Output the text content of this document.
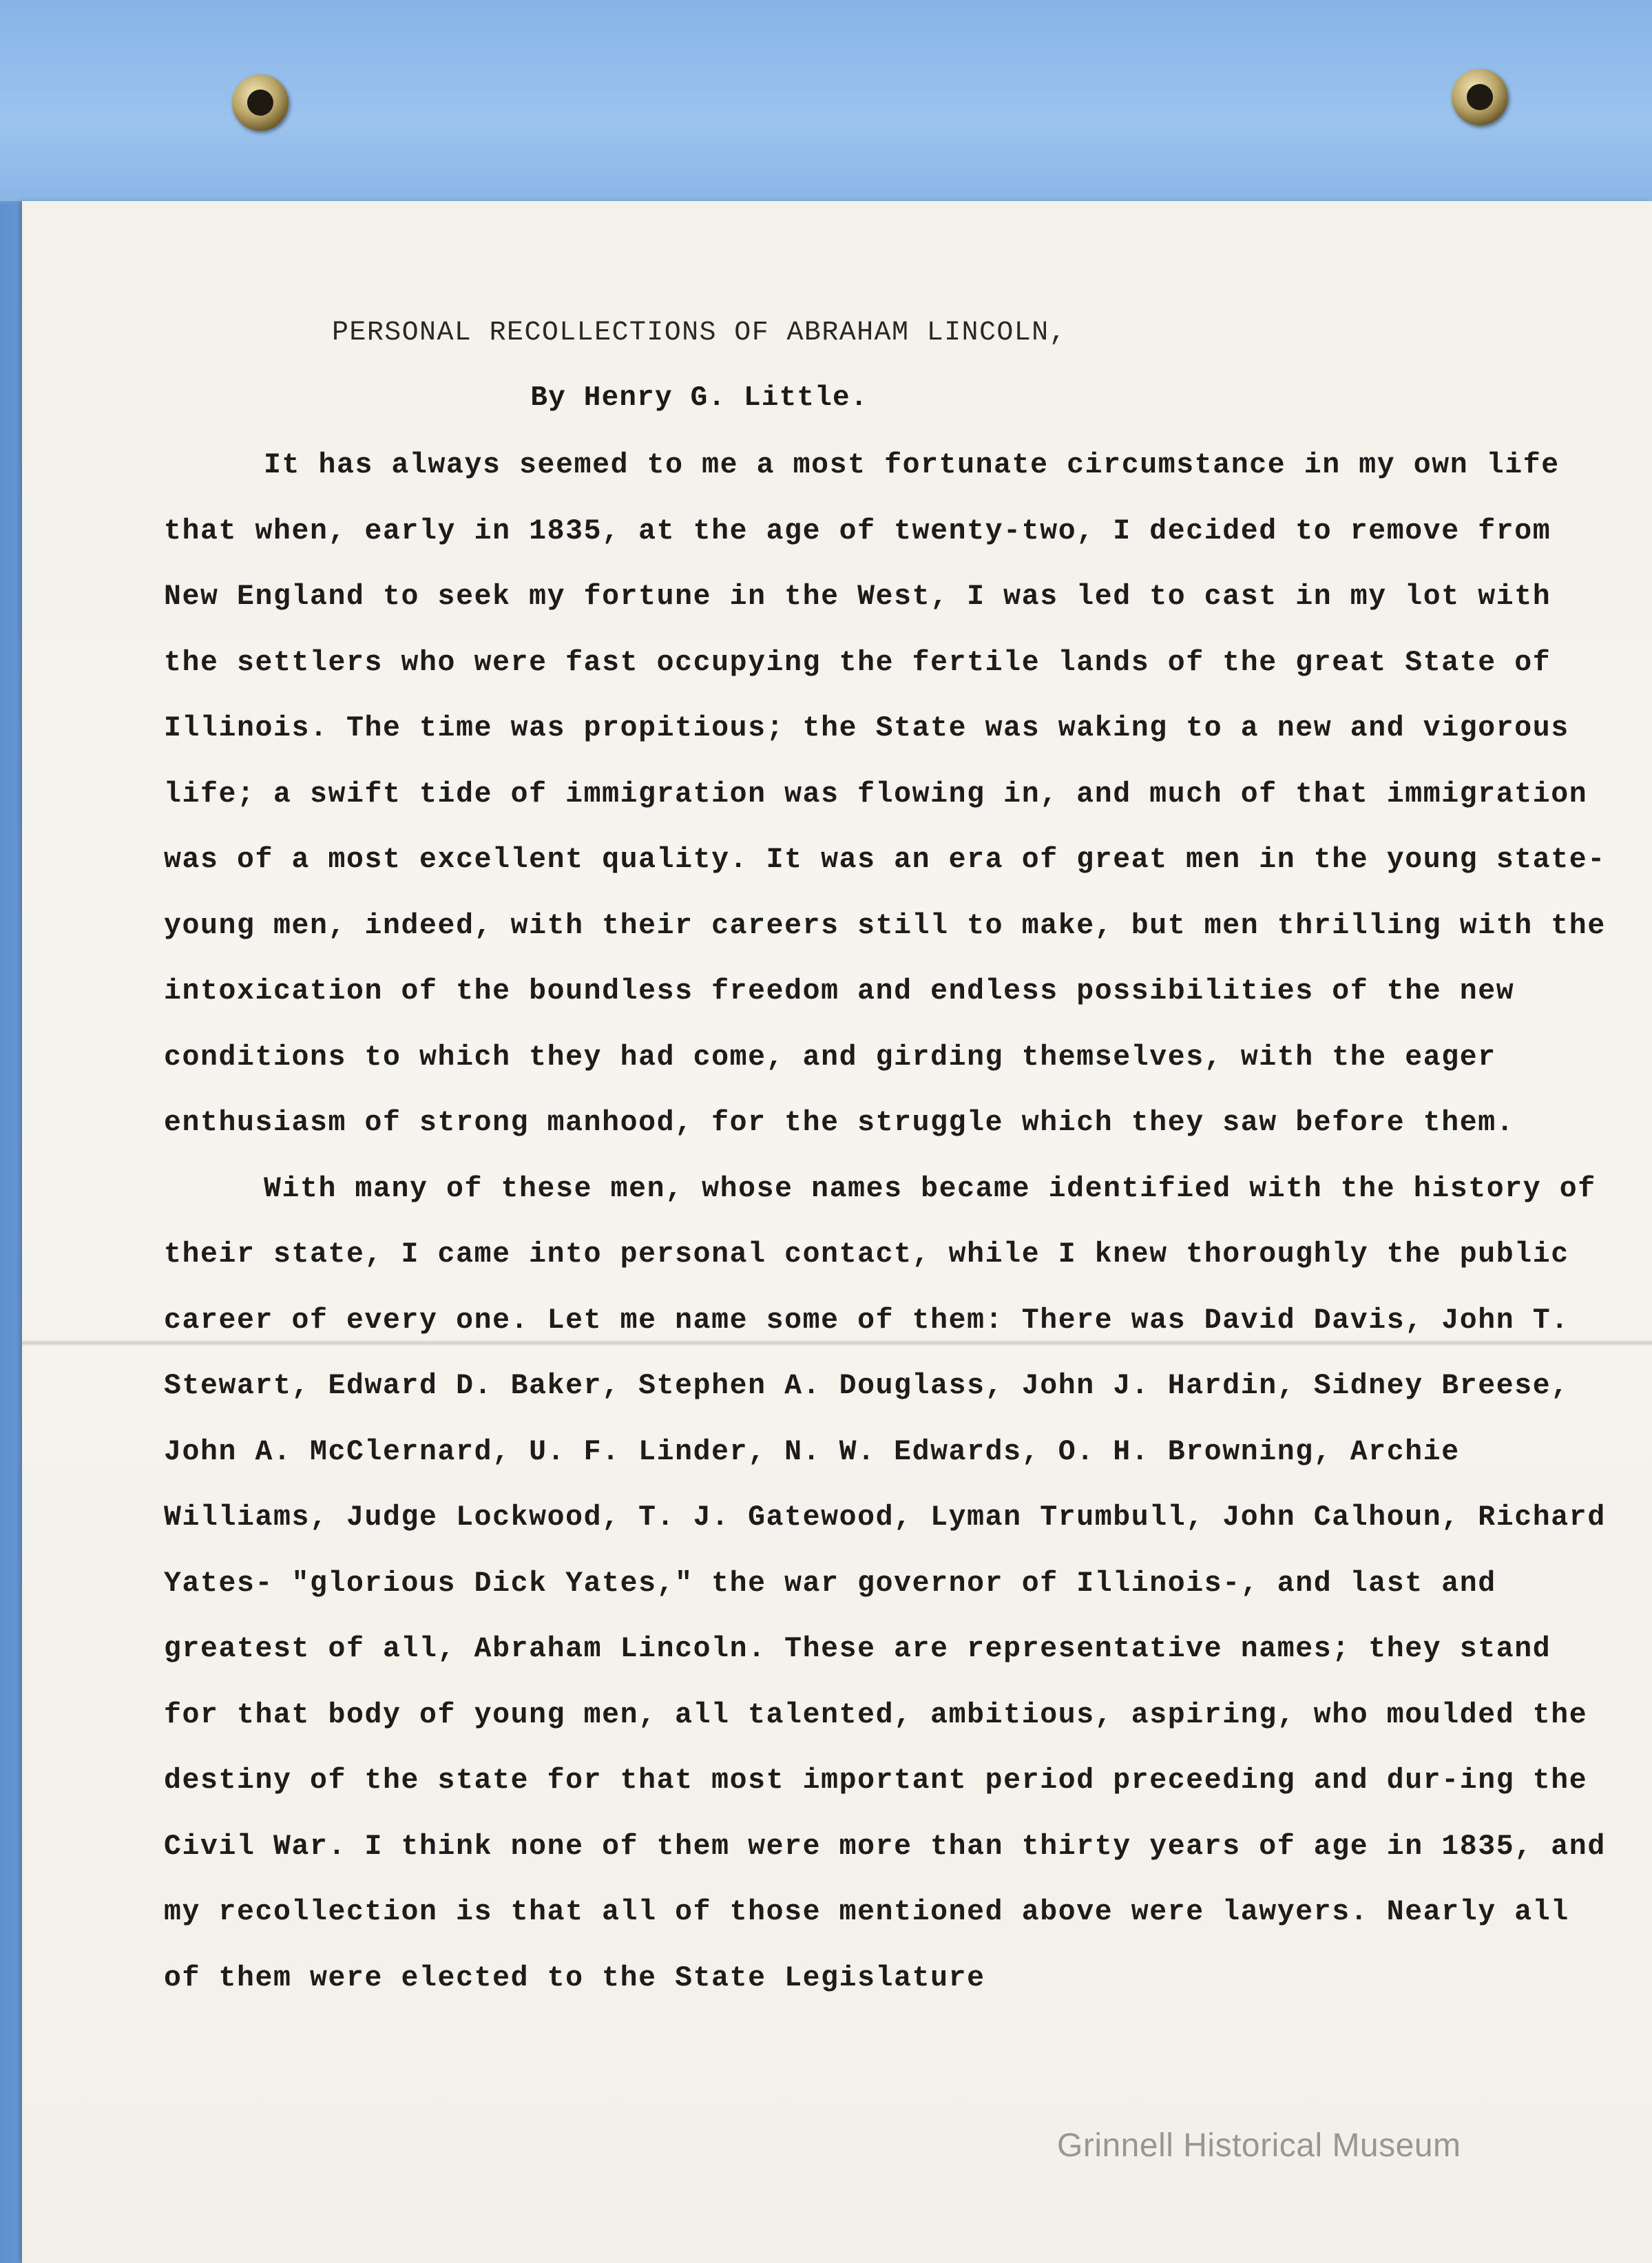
PERSONAL RECOLLECTIONS OF ABRAHAM LINCOLN,
By Henry G. Little.

It has always seemed to me a most fortunate circumstance in my own life that when, early in 1835, at the age of twenty-two, I decided to remove from New England to seek my fortune in the West, I was led to cast in my lot with the settlers who were fast occupying the fertile lands of the great State of Illinois. The time was propitious; the State was waking to a new and vigorous life; a swift tide of immigration was flowing in, and much of that immigration was of a most excellent quality. It was an era of great men in the young state- young men, indeed, with their careers still to make, but men thrilling with the intoxication of the boundless freedom and endless possibilities of the new conditions to which they had come, and girding themselves, with the eager enthusiasm of strong manhood, for the struggle which they saw before them.

With many of these men, whose names became identified with the history of their state, I came into personal contact, while I knew thoroughly the public career of every one. Let me name some of them: There was David Davis, John T. Stewart, Edward D. Baker, Stephen A. Douglass, John J. Hardin, Sidney Breese, John A. McClernard, U. F. Linder, N. W. Edwards, O. H. Browning, Archie Williams, Judge Lockwood, T. J. Gatewood, Lyman Trumbull, John Calhoun, Richard Yates- "glorious Dick Yates," the war governor of Illinois-, and last and greatest of all, Abraham Lincoln. These are representative names; they stand for that body of young men, all talented, ambitious, aspiring, who moulded the destiny of the state for that most important period preceeding and dur-ing the Civil War. I think none of them were more than thirty years of age in 1835, and my recollection is that all of those mentioned above were lawyers. Nearly all of them were elected to the State Legislature

Grinnell Historical Museum
